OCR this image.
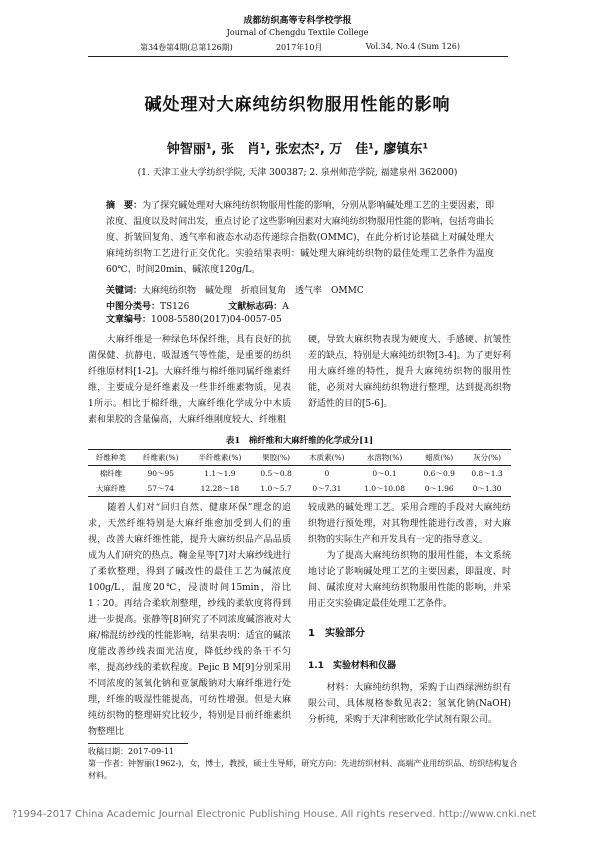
成都纺织高等专科学校学报
Journal of Chengdu Textile College
第34卷第4期(总第126期)	2017年10月	Vol.34, No.4 (Sum 126)
碱处理对大麻纯纺织物服用性能的影响
钟智丽¹, 张　肖¹, 张宏杰², 万　佳¹, 廖镇东¹
(1. 天津工业大学纺织学院, 天津 300387; 2. 泉州师范学院, 福建泉州 362000)
摘　要：为了探究碱处理对大麻纯纺织物服用性能的影响，分别从影响碱处理工艺的主要因素，即浓度、温度以及时间出发，重点讨论了这些影响因素对大麻纯纺织物服用性能的影响，包括弯曲长度、折皱回复角、透气率和液态水动态传递综合指数(OMMC)，在此分析讨论基础上对碱处理大麻纯纺织物工艺进行正交优化。实验结果表明：碱处理大麻纯纺织物的最佳处理工艺条件为温度60℃、时间20min、碱浓度120g/L。
关键词：大麻纯纺织物　碱处理　折痕回复角　透气率　OMMC
中图分类号：TS126	文献标志码：A 文章编号：1008-5580(2017)04-0057-05
　　大麻纤维是一种绿色环保纤维，具有良好的抗菌保健、抗静电、吸湿透气等性能，是重要的纺织纤维原材料[1-2]。大麻纤维与棉纤维同属纤维素纤维，主要成分是纤维素及一些非纤维素物质，见表1所示。相比于棉纤维，大麻纤维化学成分中木质素和果胶的含量偏高，大麻纤维刚度较大、纤维粗
硬，导致大麻织物表现为硬度大、手感硬、抗皱性差的缺点，特别是大麻纯纺织物[3-4]。为了更好利用大麻纤维的特性，提升大麻纯纺织物的服用性能，必须对大麻纯纺织物进行整理，达到提高织物舒适性的目的[5-6]。
表1　棉纤维和大麻纤维的化学成分[1]
纤维种类	纤维素(%)	半纤维素(%)	果胶(%)	木质素(%)	水溶物(%)	蜡质(%)	灰分(%)
棉纤维	90～95	1.1～1.9	0.5～0.8	0	0～0.1	0.6～0.9	0.8～1.3
大麻纤维	57～74	12.28～18	1.0～5.7	0～7.31	1.0～10.08	0～1.96	0～1.30
　　随着人们对“回归自然、健康环保”理念的追求，天然纤维特别是大麻纤维愈加受到人们的重视，改善大麻纤维性能，提升大麻纺织品产品品质成为人们研究的热点。鞠金星等[7]对大麻纱线进行了柔软整理，得到了碱改性的最佳工艺为碱浓度100g/L，温度20℃，浸渍时间15min，浴比1∶20。再结合柔软剂整理，纱线的柔软度将得到进一步提高。张静等[8]研究了不同浓度碱溶液对大麻/棉混纺纱线的性能影响，结果表明：适宜的碱浓度能改善纱线表面光洁度，降低纱线的条干不匀率，提高纱线的柔软程度。Pejic B M[9]分别采用不同浓度的氢氧化钠和亚氯酸钠对大麻纤维进行处理，纤维的吸湿性能提高，可纺性增强。但是大麻纯纺织物的整理研究比较少，特别是目前纤维素织物整理比
较成熟的碱处理工艺。采用合理的手段对大麻纯纺织物进行预处理，对其物理性能进行改善，对大麻织物的实际生产和开发具有一定的指导意义。
　　为了提高大麻纯纺织物的服用性能，本文系统地讨论了影响碱处理工艺的主要因素，即温度、时间、碱浓度对大麻纯纺织物服用性能的影响，并采用正交实验确定最佳处理工艺条件。
1　实验部分
1.1　实验材料和仪器
　　材料：大麻纯纺织物，采购于山西绿洲纺织有限公司，具体规格参数见表2；氢氧化钠(NaOH)分析纯，采购于天津利密欧化学试剂有限公司。
收稿日期：2017-09-11
第一作者：钟智丽(1962-)，女，博士，教授，硕士生导师，研究方向：先进纺织材料、高端产业用纺织品、纺织结构复合材料。
?1994-2017 China Academic Journal Electronic Publishing House. All rights reserved. http://www.cnki.net
